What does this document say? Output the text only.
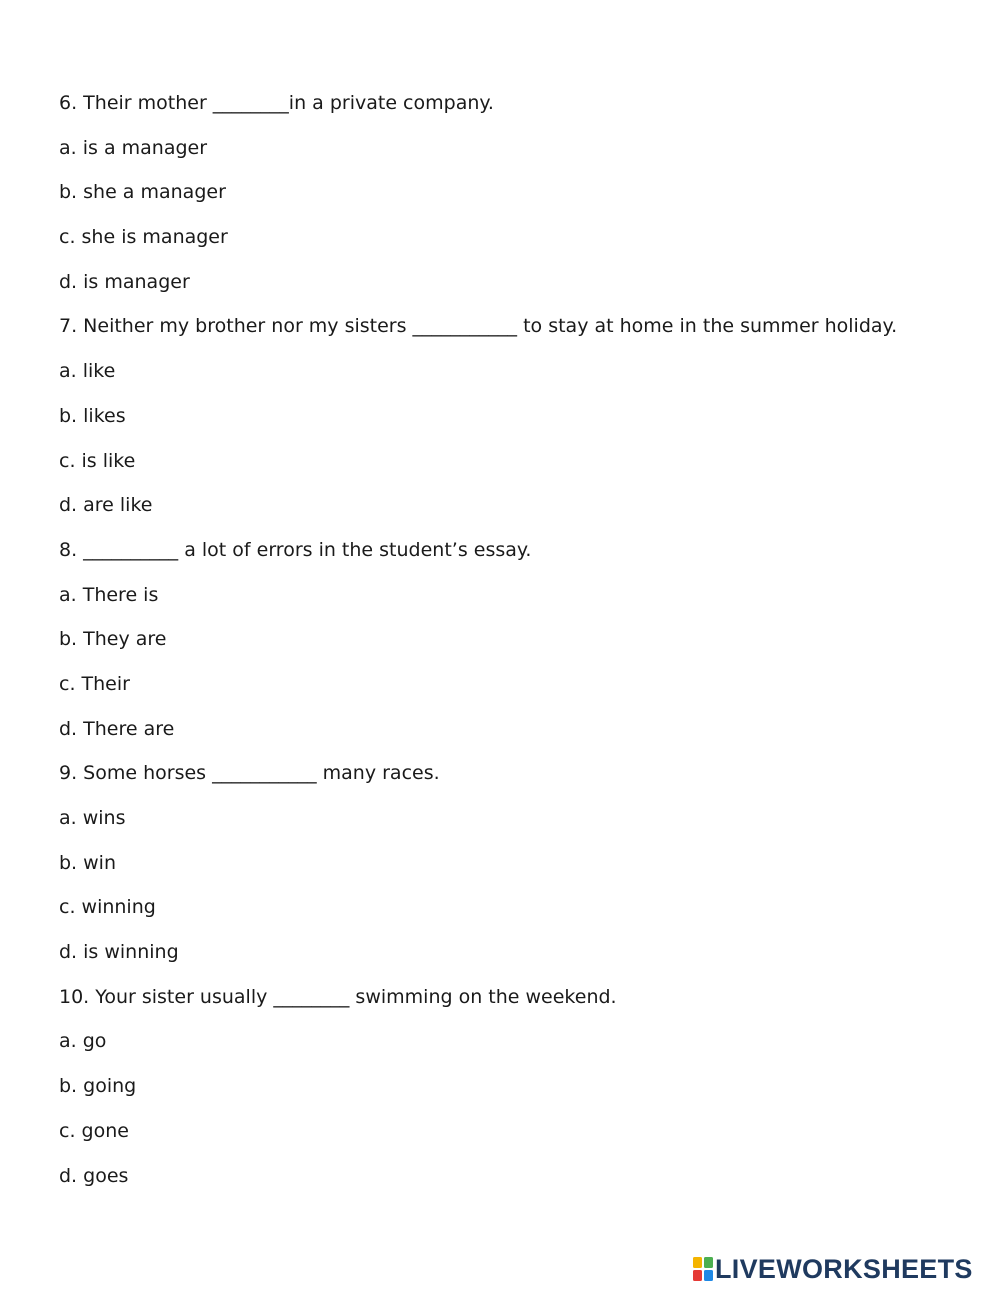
6. Their mother ________in a private company.
a. is a manager
b. she a manager
c. she is manager
d. is manager
7. Neither my brother nor my sisters ___________ to stay at home in the summer holiday.
a. like
b. likes
c. is like
d. are like
8. __________ a lot of errors in the student’s essay.
a. There is
b. They are
c. Their
d. There are
9. Some horses ___________ many races.
a. wins
b. win
c. winning
d. is winning
10. Your sister usually ________ swimming on the weekend.
a. go
b. going
c. gone
d. goes
LIVEWORKSHEETS
